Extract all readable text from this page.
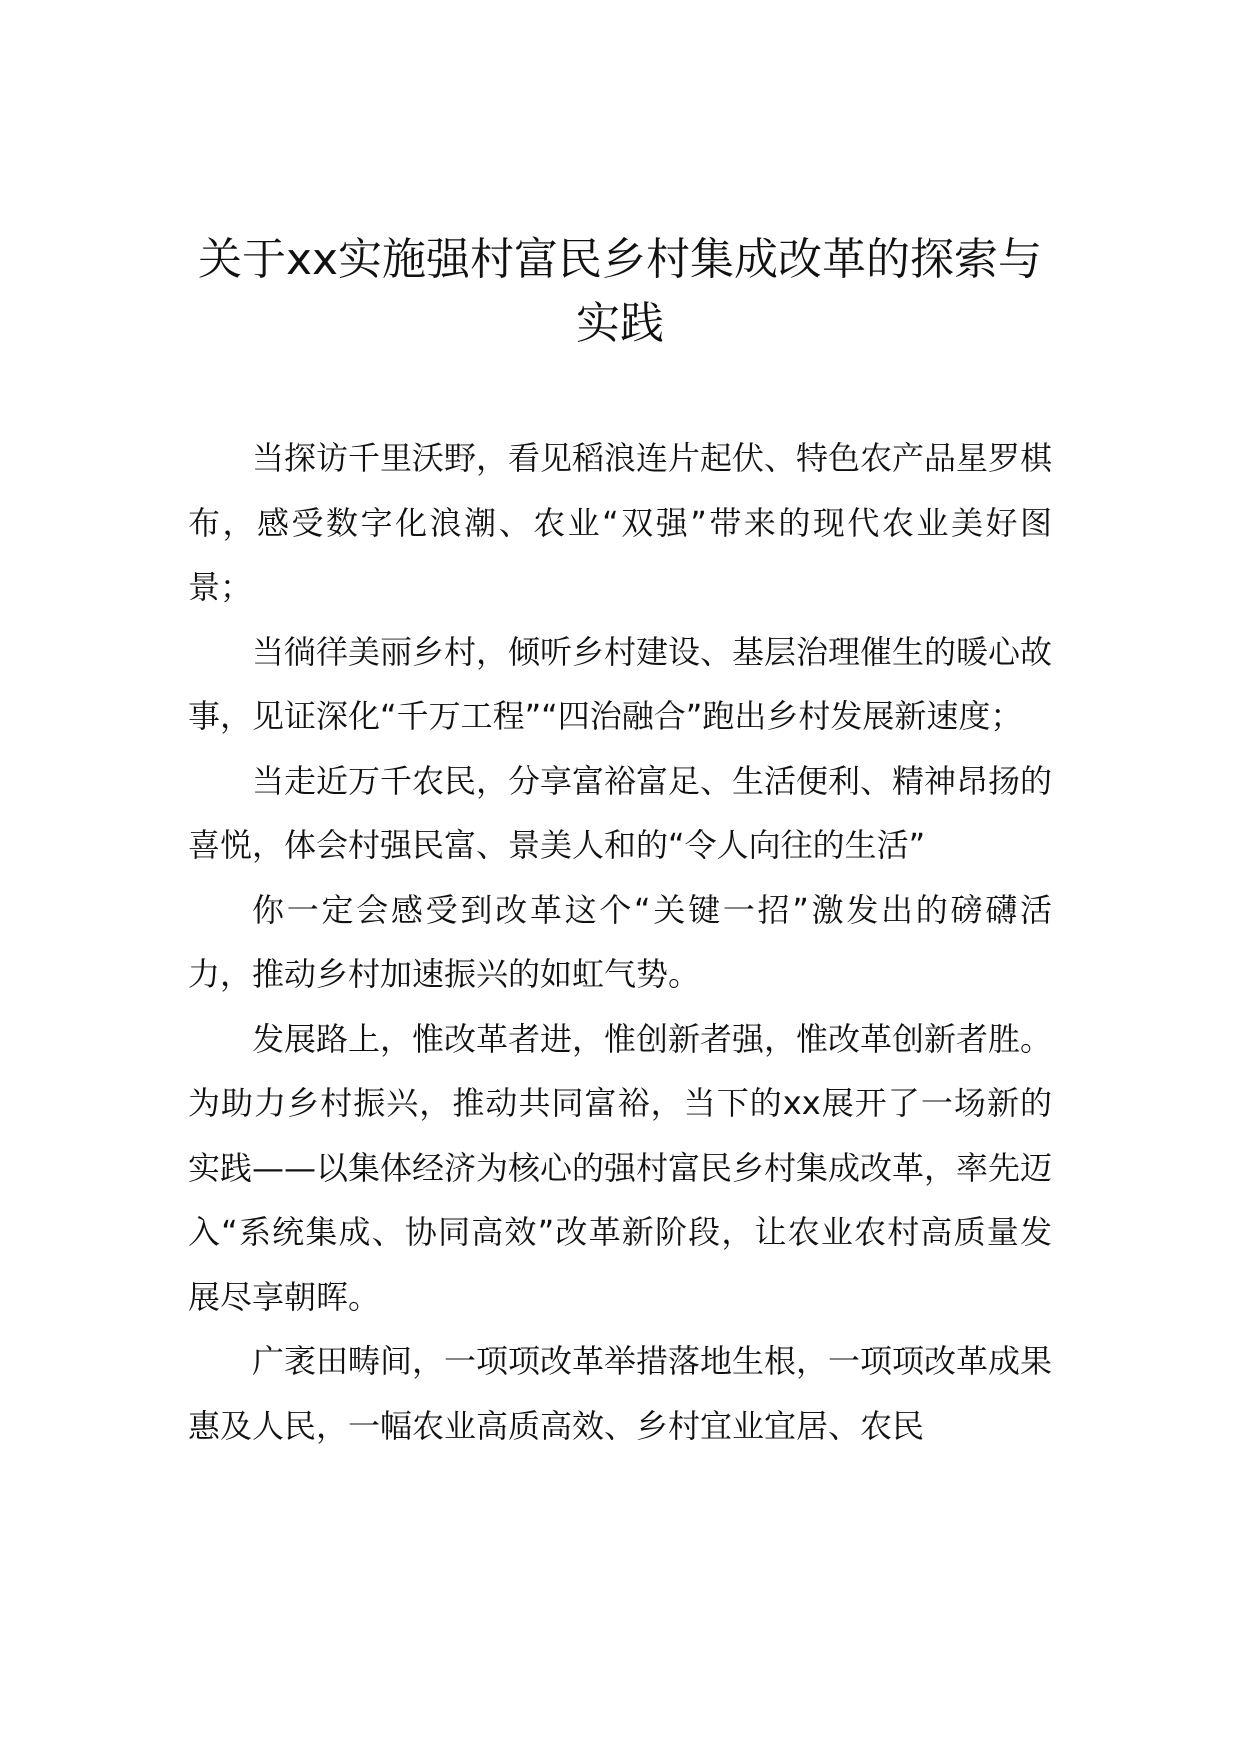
关于xx实施强村富民乡村集成改革的探索与实践

当探访千里沃野，看见稻浪连片起伏、特色农产品星罗棋布，感受数字化浪潮、农业“双强”带来的现代农业美好图景；

当徜徉美丽乡村，倾听乡村建设、基层治理催生的暖心故事，见证深化“千万工程”“四治融合”跑出乡村发展新速度；

当走近万千农民，分享富裕富足、生活便利、精神昂扬的喜悦，体会村强民富、景美人和的“令人向往的生活”

你一定会感受到改革这个“关键一招”激发出的磅礴活力，推动乡村加速振兴的如虹气势。

发展路上，惟改革者进，惟创新者强，惟改革创新者胜。为助力乡村振兴，推动共同富裕，当下的xx展开了一场新的实践——以集体经济为核心的强村富民乡村集成改革，率先迈入“系统集成、协同高效”改革新阶段，让农业农村高质量发展尽享朝晖。

广袤田畴间，一项项改革举措落地生根，一项项改革成果惠及人民，一幅农业高质高效、乡村宜业宜居、农民
